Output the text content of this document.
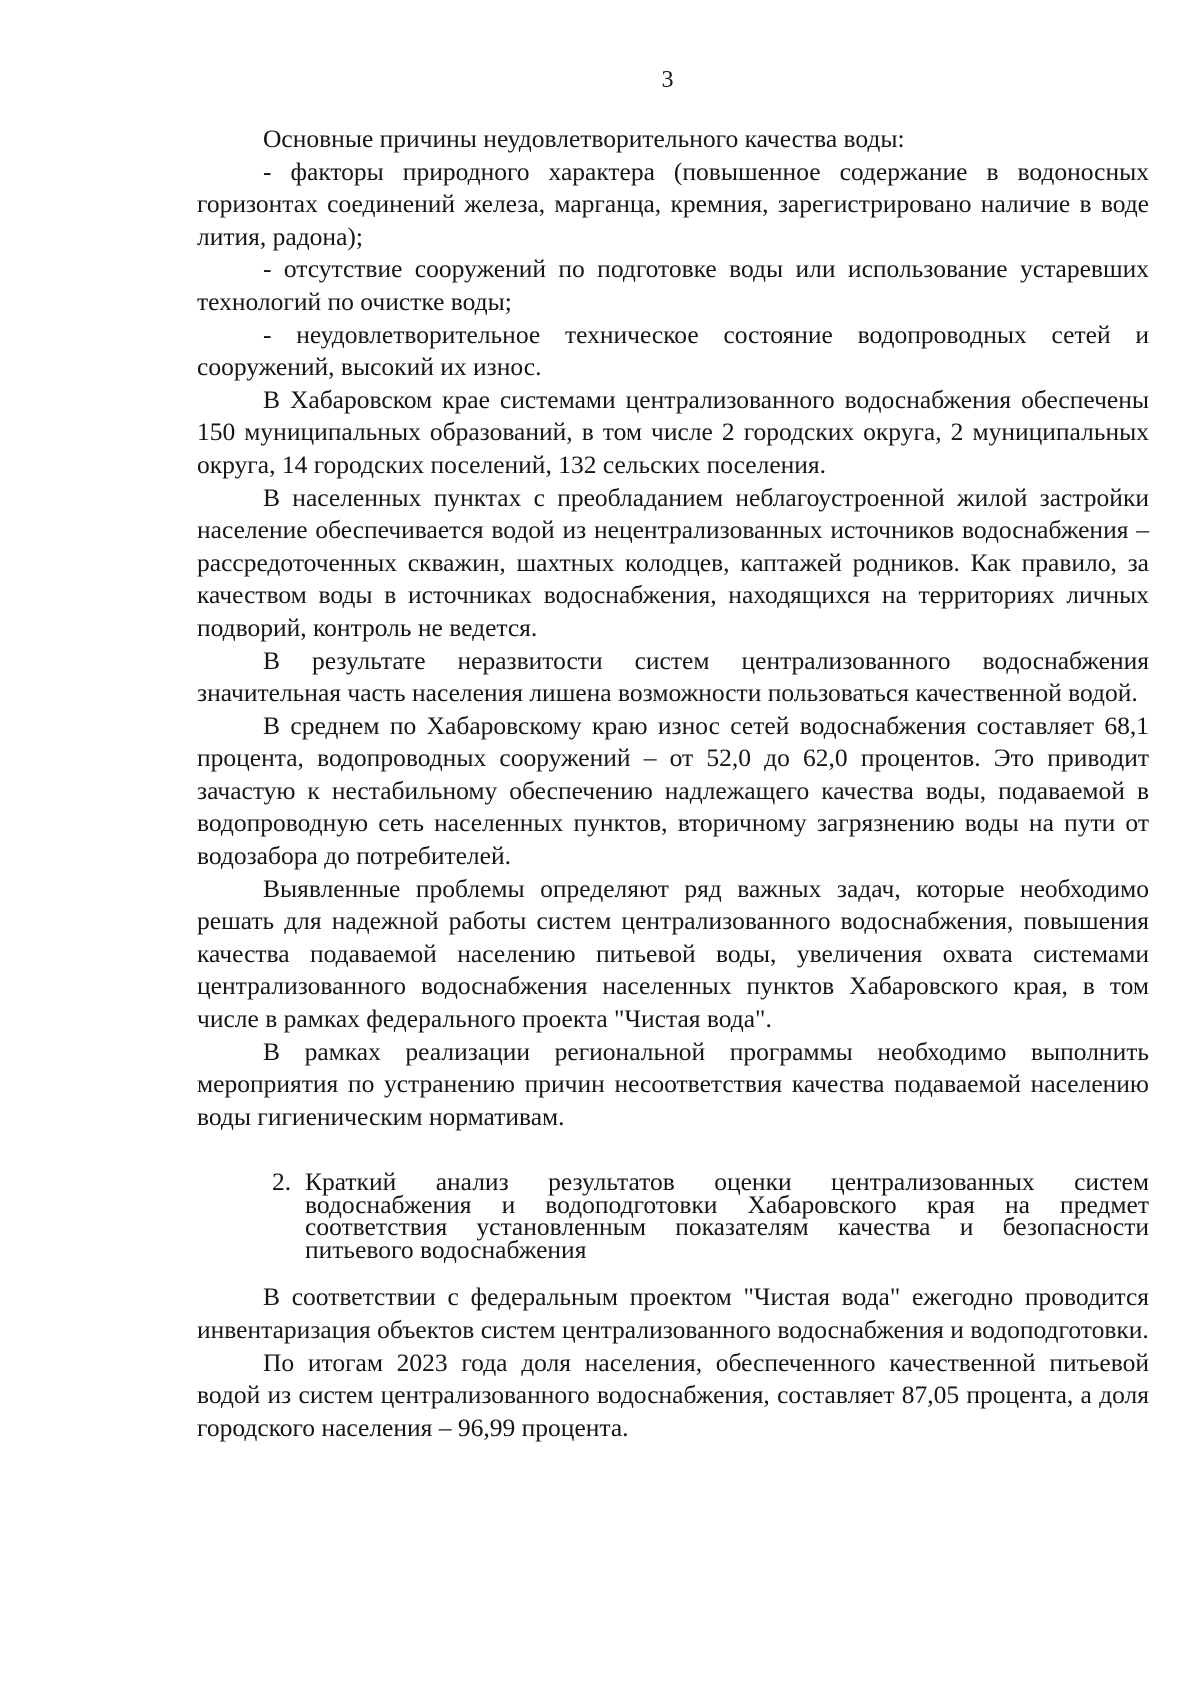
3

Основные причины неудовлетворительного качества воды:

- факторы природного характера (повышенное содержание в водоносных горизонтах соединений железа, марганца, кремния, зарегистрировано наличие в воде лития, радона);

- отсутствие сооружений по подготовке воды или использование устаревших технологий по очистке воды;

- неудовлетворительное техническое состояние водопроводных сетей и сооружений, высокий их износ.

В Хабаровском крае системами централизованного водоснабжения обеспечены 150 муниципальных образований, в том числе 2 городских округа, 2 муниципальных округа, 14 городских поселений, 132 сельских поселения.

В населенных пунктах с преобладанием неблагоустроенной жилой застройки население обеспечивается водой из нецентрализованных источников водоснабжения – рассредоточенных скважин, шахтных колодцев, каптажей родников. Как правило, за качеством воды в источниках водоснабжения, находящихся на территориях личных подворий, контроль не ведется.

В результате неразвитости систем централизованного водоснабжения значительная часть населения лишена возможности пользоваться качественной водой.

В среднем по Хабаровскому краю износ сетей водоснабжения составляет 68,1 процента, водопроводных сооружений – от 52,0 до 62,0 процентов. Это приводит зачастую к нестабильному обеспечению надлежащего качества воды, подаваемой в водопроводную сеть населенных пунктов, вторичному загрязнению воды на пути от водозабора до потребителей.

Выявленные проблемы определяют ряд важных задач, которые необходимо решать для надежной работы систем централизованного водоснабжения, повышения качества подаваемой населению питьевой воды, увеличения охвата системами централизованного водоснабжения населенных пунктов Хабаровского края, в том числе в рамках федерального проекта "Чистая вода".

В рамках реализации региональной программы необходимо выполнить мероприятия по устранению причин несоответствия качества подаваемой населению воды гигиеническим нормативам.

2. Краткий анализ результатов оценки централизованных систем водоснабжения и водоподготовки Хабаровского края на предмет соответствия установленным показателям качества и безопасности питьевого водоснабжения

В соответствии с федеральным проектом "Чистая вода" ежегодно проводится инвентаризация объектов систем централизованного водоснабжения и водоподготовки.

По итогам 2023 года доля населения, обеспеченного качественной питьевой водой из систем централизованного водоснабжения, составляет 87,05 процента, а доля городского населения – 96,99 процента.
